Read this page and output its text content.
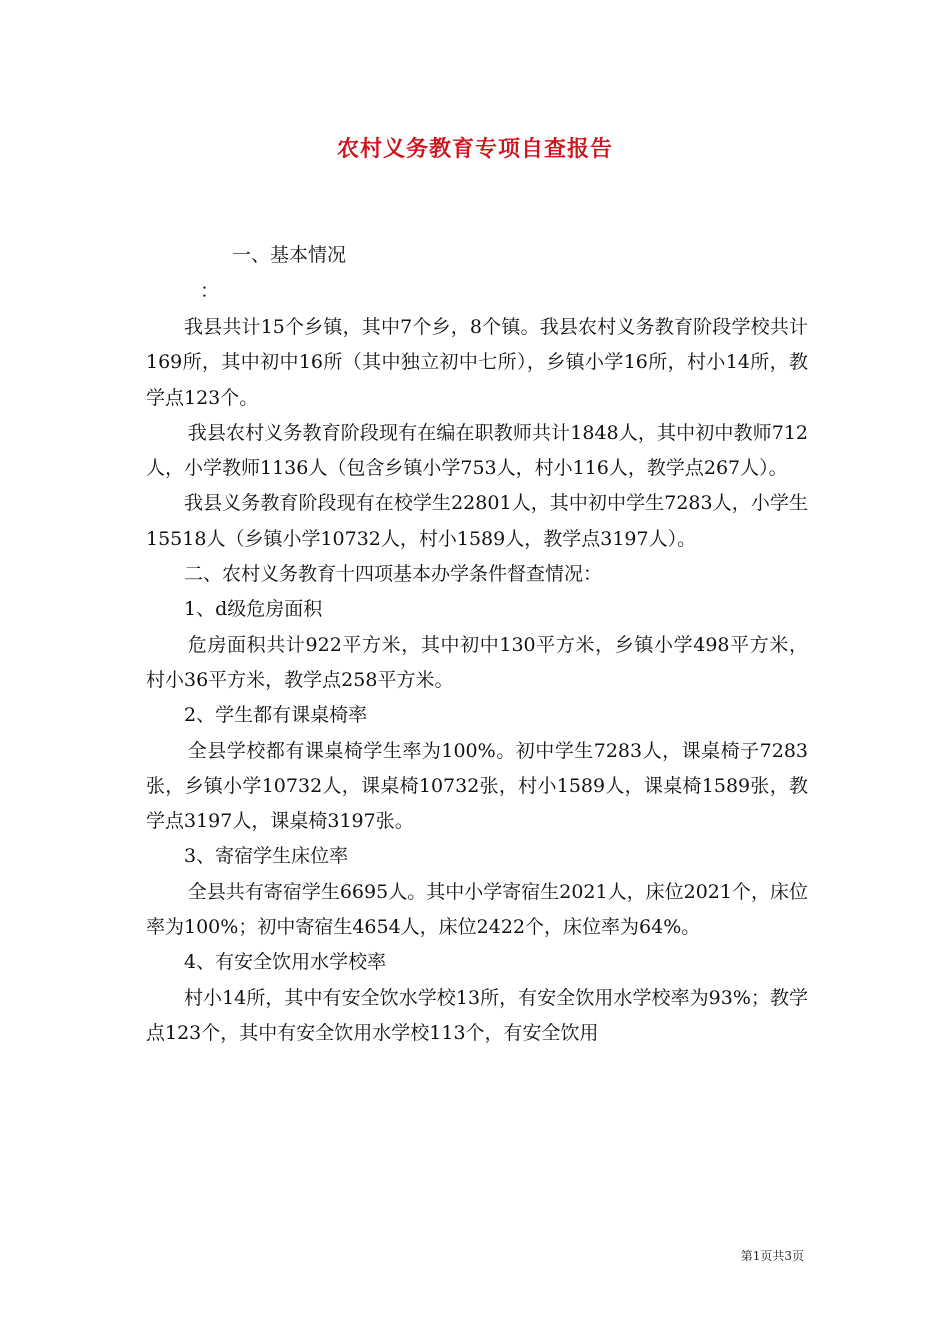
农村义务教育专项自查报告

一、基本情况

：

我县共计15个乡镇，其中7个乡，8个镇。我县农村义务教育阶段学校共计169所，其中初中16所（其中独立初中七所），乡镇小学16所，村小14所，教学点123个。

我县农村义务教育阶段现有在编在职教师共计1848人，其中初中教师712人，小学教师1136人（包含乡镇小学753人，村小116人，教学点267人）。

我县义务教育阶段现有在校学生22801人，其中初中学生7283人，小学生15518人（乡镇小学10732人，村小1589人，教学点3197人）。

二、农村义务教育十四项基本办学条件督查情况：

1、d级危房面积

危房面积共计922平方米，其中初中130平方米，乡镇小学498平方米，村小36平方米，教学点258平方米。

2、学生都有课桌椅率

全县学校都有课桌椅学生率为100%。初中学生7283人，课桌椅子7283张，乡镇小学10732人，课桌椅10732张，村小1589人，课桌椅1589张，教学点3197人，课桌椅3197张。

3、寄宿学生床位率

全县共有寄宿学生6695人。其中小学寄宿生2021人，床位2021个，床位率为100%；初中寄宿生4654人，床位2422个，床位率为64%。

4、有安全饮用水学校率

村小14所，其中有安全饮水学校13所，有安全饮用水学校率为93%；教学点123个，其中有安全饮用水学校113个，有安全饮用

第1页共3页
